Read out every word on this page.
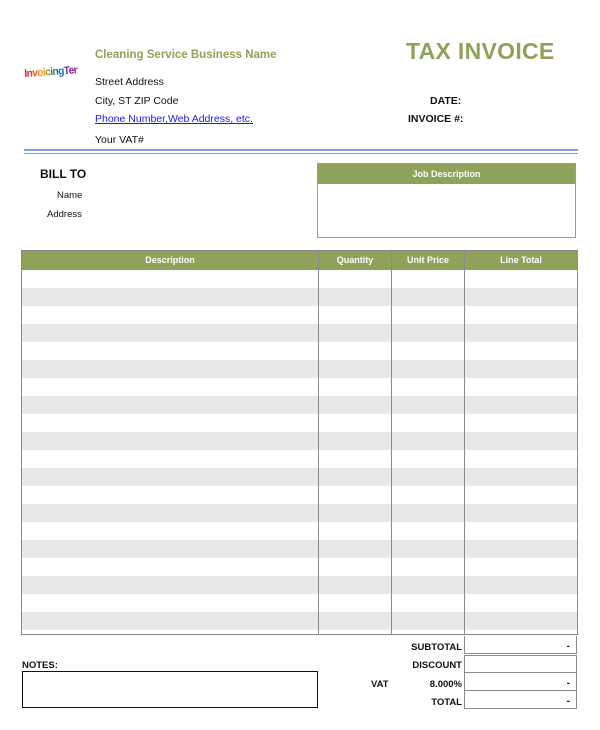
InvoicingTemplate
Cleaning Service Business Name	TAX INVOICE
Street Address
City, ST ZIP Code
Phone Number,Web Address, etc.
Your VAT#
DATE:
INVOICE #:
BILL TO
Name
Address
Job Description
Description	Quantity	Unit Price	Line Total
SUBTOTAL	-
DISCOUNT
VAT	8.000%	-
TOTAL	-
NOTES:
